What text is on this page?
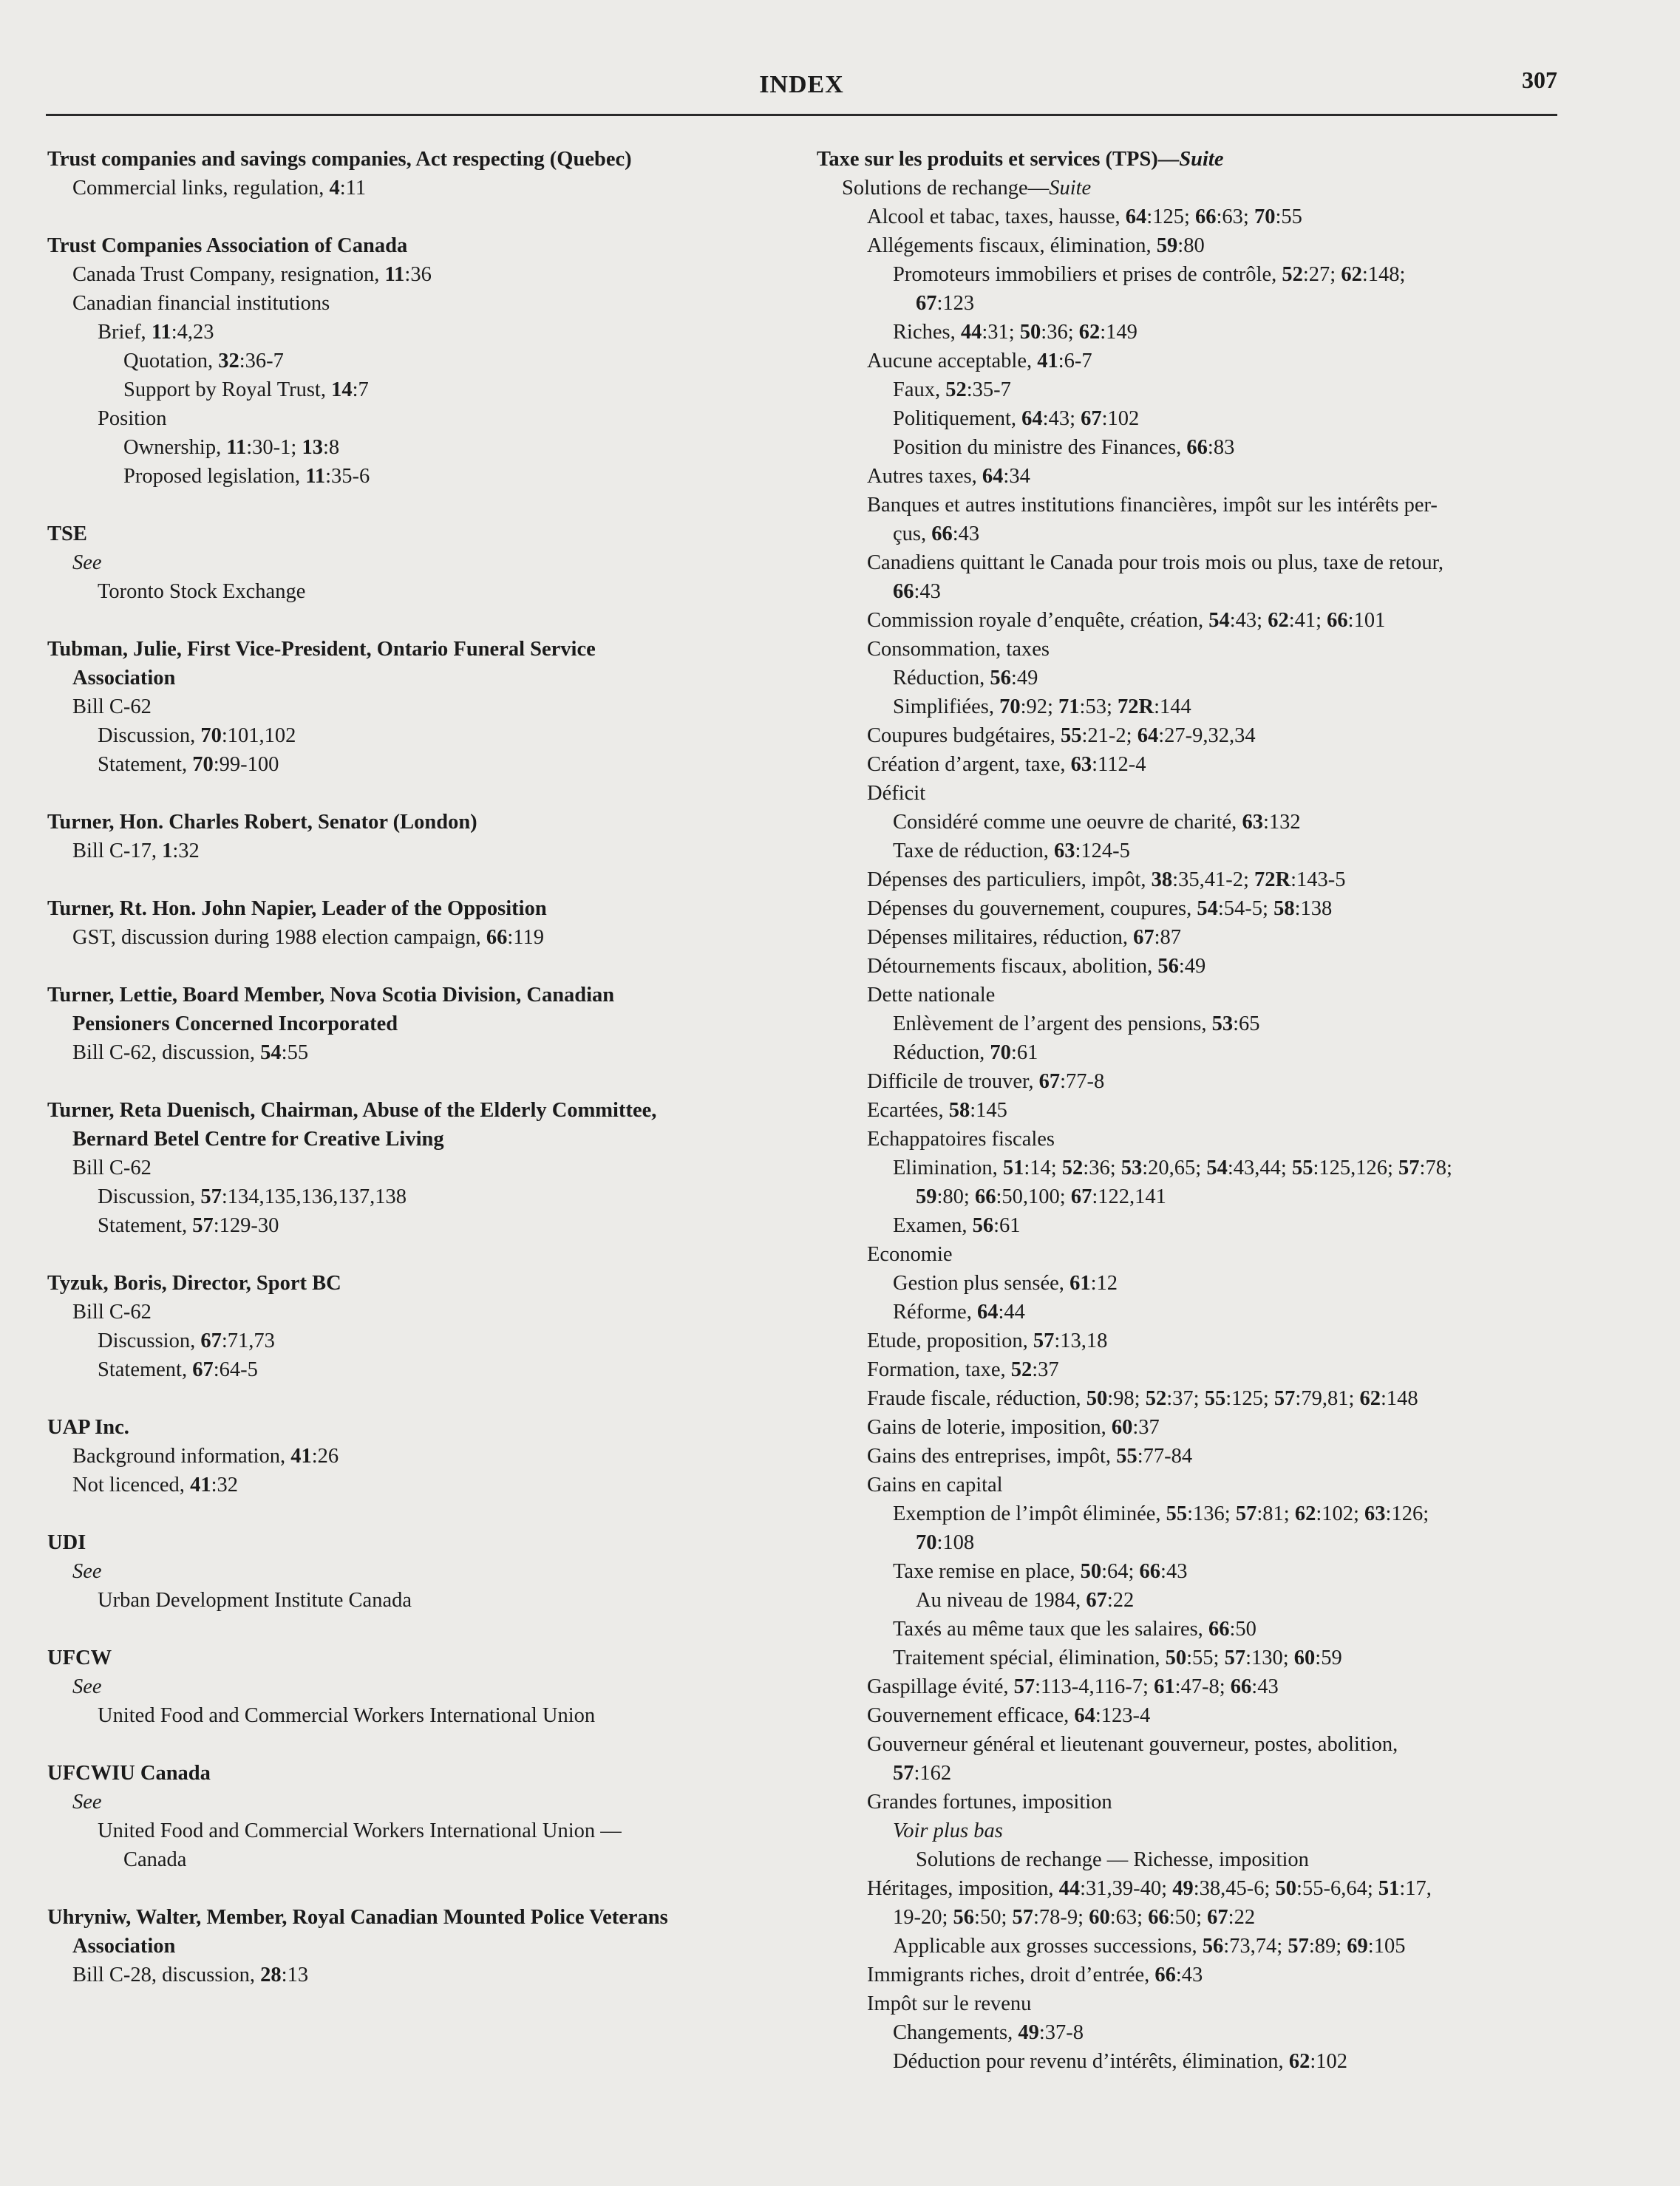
INDEX	307
Trust companies and savings companies, Act respecting (Quebec)
Commercial links, regulation, 4:11
Trust Companies Association of Canada
Canada Trust Company, resignation, 11:36
Canadian financial institutions
Brief, 11:4,23
Quotation, 32:36-7
Support by Royal Trust, 14:7
Position
Ownership, 11:30-1; 13:8
Proposed legislation, 11:35-6
TSE
See
Toronto Stock Exchange
Tubman, Julie, First Vice-President, Ontario Funeral Service
Association
Bill C-62
Discussion, 70:101,102
Statement, 70:99-100
Turner, Hon. Charles Robert, Senator (London)
Bill C-17, 1:32
Turner, Rt. Hon. John Napier, Leader of the Opposition
GST, discussion during 1988 election campaign, 66:119
Turner, Lettie, Board Member, Nova Scotia Division, Canadian
Pensioners Concerned Incorporated
Bill C-62, discussion, 54:55
Turner, Reta Duenisch, Chairman, Abuse of the Elderly Committee,
Bernard Betel Centre for Creative Living
Bill C-62
Discussion, 57:134,135,136,137,138
Statement, 57:129-30
Tyzuk, Boris, Director, Sport BC
Bill C-62
Discussion, 67:71,73
Statement, 67:64-5
UAP Inc.
Background information, 41:26
Not licenced, 41:32
UDI
See
Urban Development Institute Canada
UFCW
See
United Food and Commercial Workers International Union
UFCWIU Canada
See
United Food and Commercial Workers International Union —
Canada
Uhryniw, Walter, Member, Royal Canadian Mounted Police Veterans
Association
Bill C-28, discussion, 28:13
Taxe sur les produits et services (TPS)—Suite
Solutions de rechange—Suite
Alcool et tabac, taxes, hausse, 64:125; 66:63; 70:55
Allégements fiscaux, élimination, 59:80
Promoteurs immobiliers et prises de contrôle, 52:27; 62:148;
67:123
Riches, 44:31; 50:36; 62:149
Aucune acceptable, 41:6-7
Faux, 52:35-7
Politiquement, 64:43; 67:102
Position du ministre des Finances, 66:83
Autres taxes, 64:34
Banques et autres institutions financières, impôt sur les intérêts per-
çus, 66:43
Canadiens quittant le Canada pour trois mois ou plus, taxe de retour,
66:43
Commission royale d’enquête, création, 54:43; 62:41; 66:101
Consommation, taxes
Réduction, 56:49
Simplifiées, 70:92; 71:53; 72R:144
Coupures budgétaires, 55:21-2; 64:27-9,32,34
Création d’argent, taxe, 63:112-4
Déficit
Considéré comme une oeuvre de charité, 63:132
Taxe de réduction, 63:124-5
Dépenses des particuliers, impôt, 38:35,41-2; 72R:143-5
Dépenses du gouvernement, coupures, 54:54-5; 58:138
Dépenses militaires, réduction, 67:87
Détournements fiscaux, abolition, 56:49
Dette nationale
Enlèvement de l’argent des pensions, 53:65
Réduction, 70:61
Difficile de trouver, 67:77-8
Ecartées, 58:145
Echappatoires fiscales
Elimination, 51:14; 52:36; 53:20,65; 54:43,44; 55:125,126; 57:78;
59:80; 66:50,100; 67:122,141
Examen, 56:61
Economie
Gestion plus sensée, 61:12
Réforme, 64:44
Etude, proposition, 57:13,18
Formation, taxe, 52:37
Fraude fiscale, réduction, 50:98; 52:37; 55:125; 57:79,81; 62:148
Gains de loterie, imposition, 60:37
Gains des entreprises, impôt, 55:77-84
Gains en capital
Exemption de l’impôt éliminée, 55:136; 57:81; 62:102; 63:126;
70:108
Taxe remise en place, 50:64; 66:43
Au niveau de 1984, 67:22
Taxés au même taux que les salaires, 66:50
Traitement spécial, élimination, 50:55; 57:130; 60:59
Gaspillage évité, 57:113-4,116-7; 61:47-8; 66:43
Gouvernement efficace, 64:123-4
Gouverneur général et lieutenant gouverneur, postes, abolition,
57:162
Grandes fortunes, imposition
Voir plus bas
Solutions de rechange — Richesse, imposition
Héritages, imposition, 44:31,39-40; 49:38,45-6; 50:55-6,64; 51:17,
19-20; 56:50; 57:78-9; 60:63; 66:50; 67:22
Applicable aux grosses successions, 56:73,74; 57:89; 69:105
Immigrants riches, droit d’entrée, 66:43
Impôt sur le revenu
Changements, 49:37-8
Déduction pour revenu d’intérêts, élimination, 62:102
